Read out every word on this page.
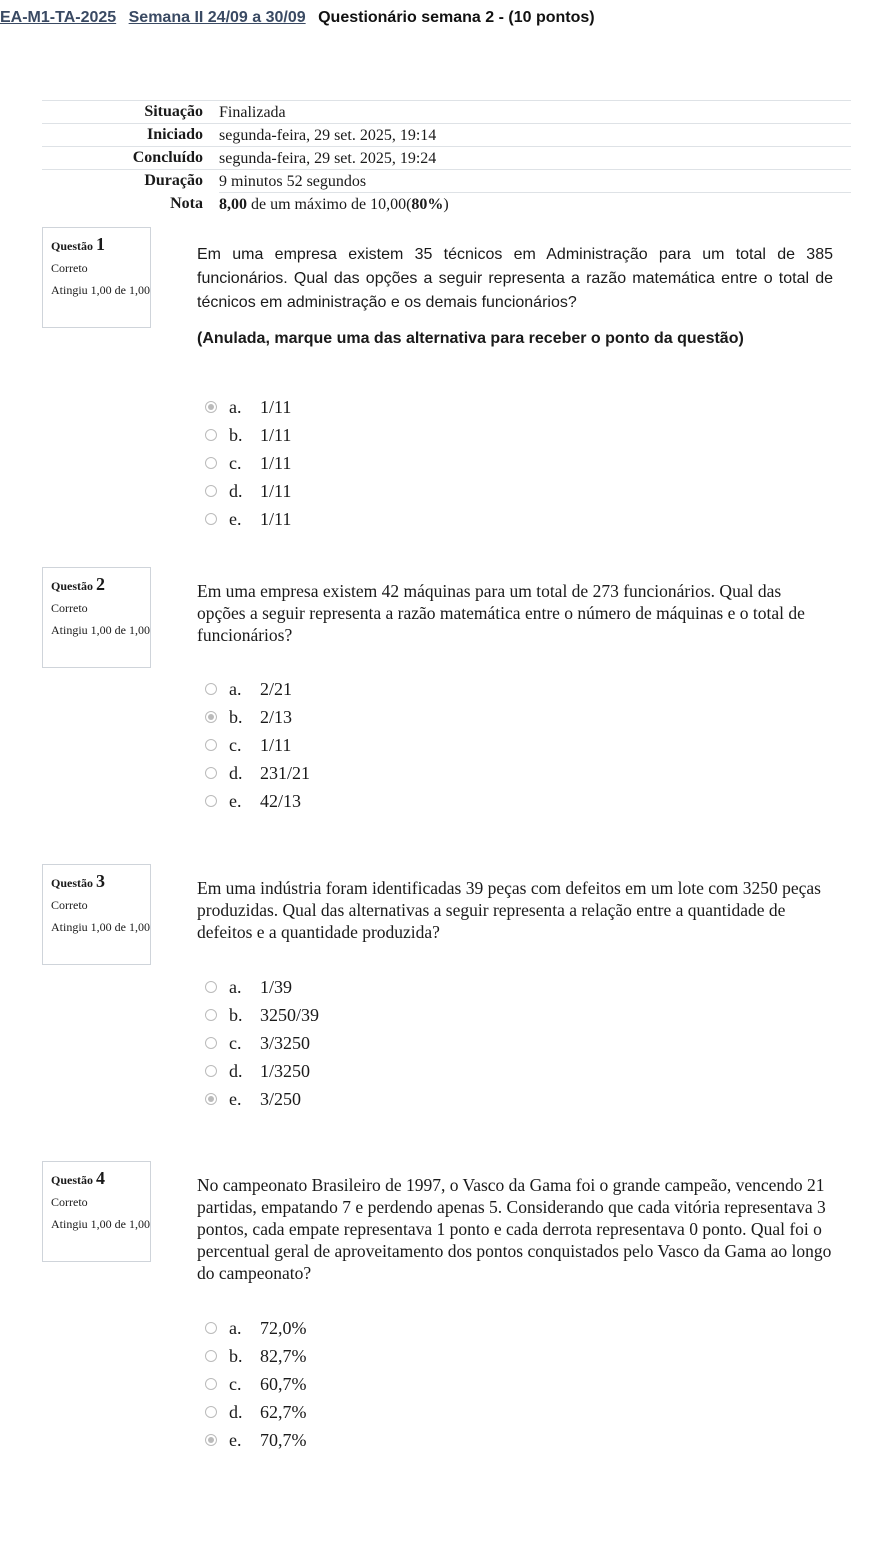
EA-M1-TA-2025 Semana II 24/09 a 30/09 Questionário semana 2 - (10 pontos)
Situação	Finalizada
Iniciado	segunda-feira, 29 set. 2025, 19:14
Concluído	segunda-feira, 29 set. 2025, 19:24
Duração	9 minutos 52 segundos
Nota	8,00 de um máximo de 10,00(80%)
Questão 1
Correto
Atingiu 1,00 de 1,00
Em uma empresa existem 35 técnicos em Administração para um total de 385 funcionários. Qual das opções a seguir representa a razão matemática entre o total de técnicos em administração e os demais funcionários?
(Anulada, marque uma das alternativa para receber o ponto da questão)
a.	1/11
b. 1/11
c.	1/11
d. 1/11
e.	1/11
Questão 2
Correto
Atingiu 1,00 de 1,00
Em uma empresa existem 42 máquinas para um total de 273 funcionários. Qual das opções a seguir representa a razão matemática entre o número de máquinas e o total de funcionários?
a.	2/21
b. 2/13
c.	1/11
d. 231/21
e.	42/13
Questão 3
Correto
Atingiu 1,00 de 1,00
Em uma indústria foram identificadas 39 peças com defeitos em um lote com 3250 peças produzidas. Qual das alternativas a seguir representa a relação entre a quantidade de defeitos e a quantidade produzida?
a.	1/39
b. 3250/39
c.	3/3250
d. 1/3250
e.	3/250
Questão 4
Correto
Atingiu 1,00 de 1,00
No campeonato Brasileiro de 1997, o Vasco da Gama foi o grande campeão, vencendo 21 partidas, empatando 7 e perdendo apenas 5. Considerando que cada vitória representava 3 pontos, cada empate representava 1 ponto e cada derrota representava 0 ponto. Qual foi o percentual geral de aproveitamento dos pontos conquistados pelo Vasco da Gama ao longo do campeonato?
a.	72,0%
b. 82,7%
c.	60,7%
d. 62,7%
e.	70,7%
